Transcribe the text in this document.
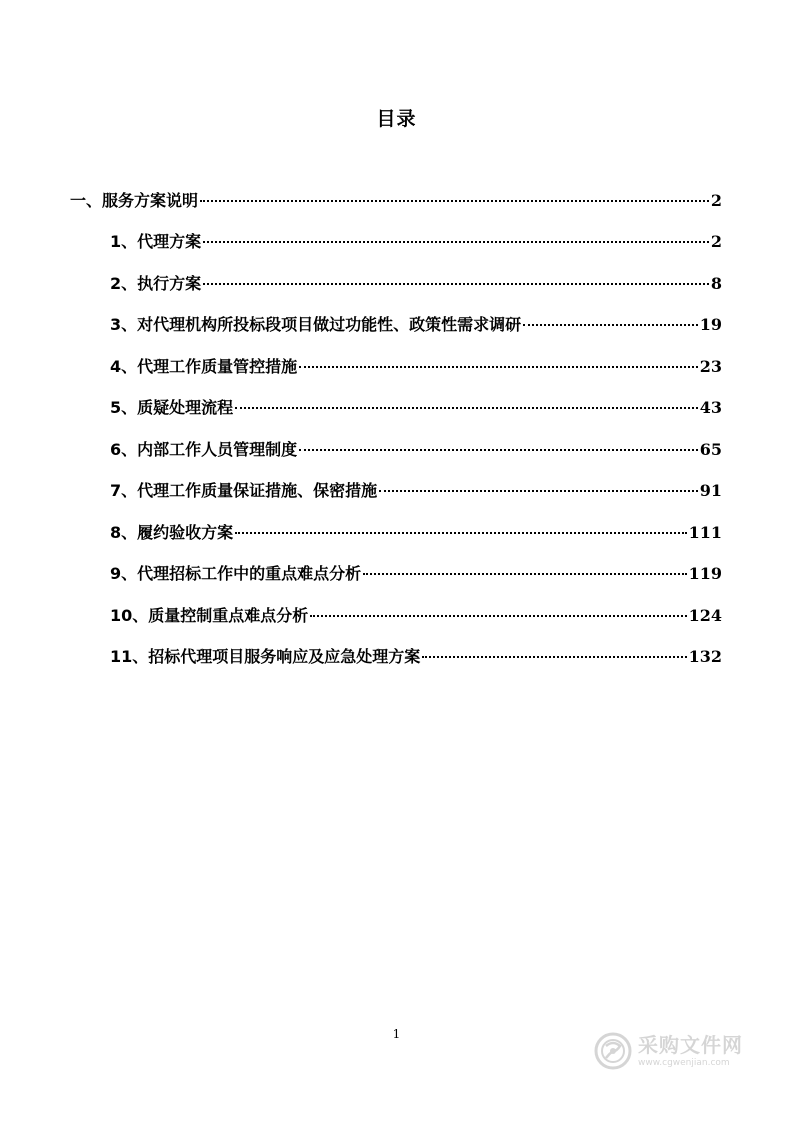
目录
一、 服务方案说明	2
1、 代理方案	2
2、 执行方案	8
3、 对代理机构所投标段项目做过功能性、政策性需求调研	19
4、 代理工作质量管控措施	23
5、 质疑处理流程	43
6、 内部工作人员管理制度	65
7、 代理工作质量保证措施、保密措施	91
8、 履约验收方案	111
9、 代理招标工作中的重点难点分析	119
10、 质量控制重点难点分析	124
11、 招标代理项目服务响应及应急处理方案	132
1	采购文件网
www.cgwenjian.com
